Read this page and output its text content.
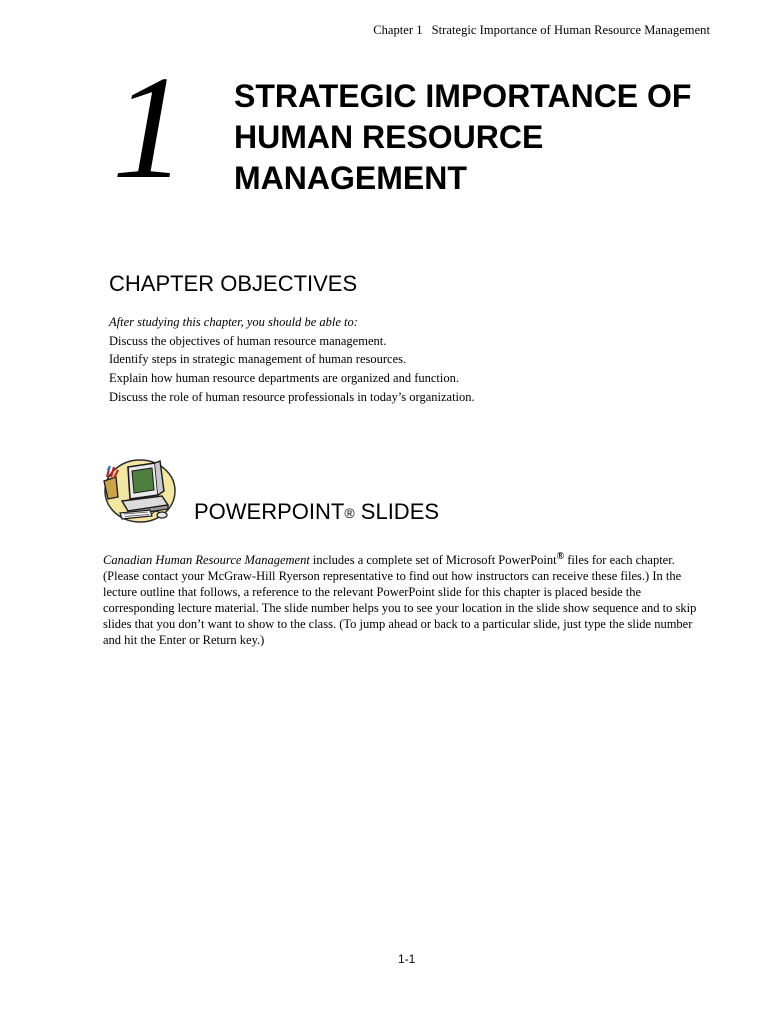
Chapter 1 Strategic Importance of Human Resource Management
1 STRATEGIC IMPORTANCE OF
HUMAN RESOURCE
MANAGEMENT
CHAPTER OBJECTIVES
After studying this chapter, you should be able to:
Discuss the objectives of human resource management.
Identify steps in strategic management of human resources.
Explain how human resource departments are organized and function.
Discuss the role of human resource professionals in today’s organization.
POWERPOINT® SLIDES

Canadian Human Resource Management includes a complete set of Microsoft PowerPoint® files for each chapter. (Please contact your McGraw-Hill Ryerson representative to find out how instructors can receive these files.) In the lecture outline that follows, a reference to the relevant PowerPoint slide for this chapter is placed beside the corresponding lecture material. The slide number helps you to see your location in the slide show sequence and to skip slides that you don’t want to show to the class. (To jump ahead or back to a particular slide, just type the slide number and hit the Enter or Return key.)

1-1
